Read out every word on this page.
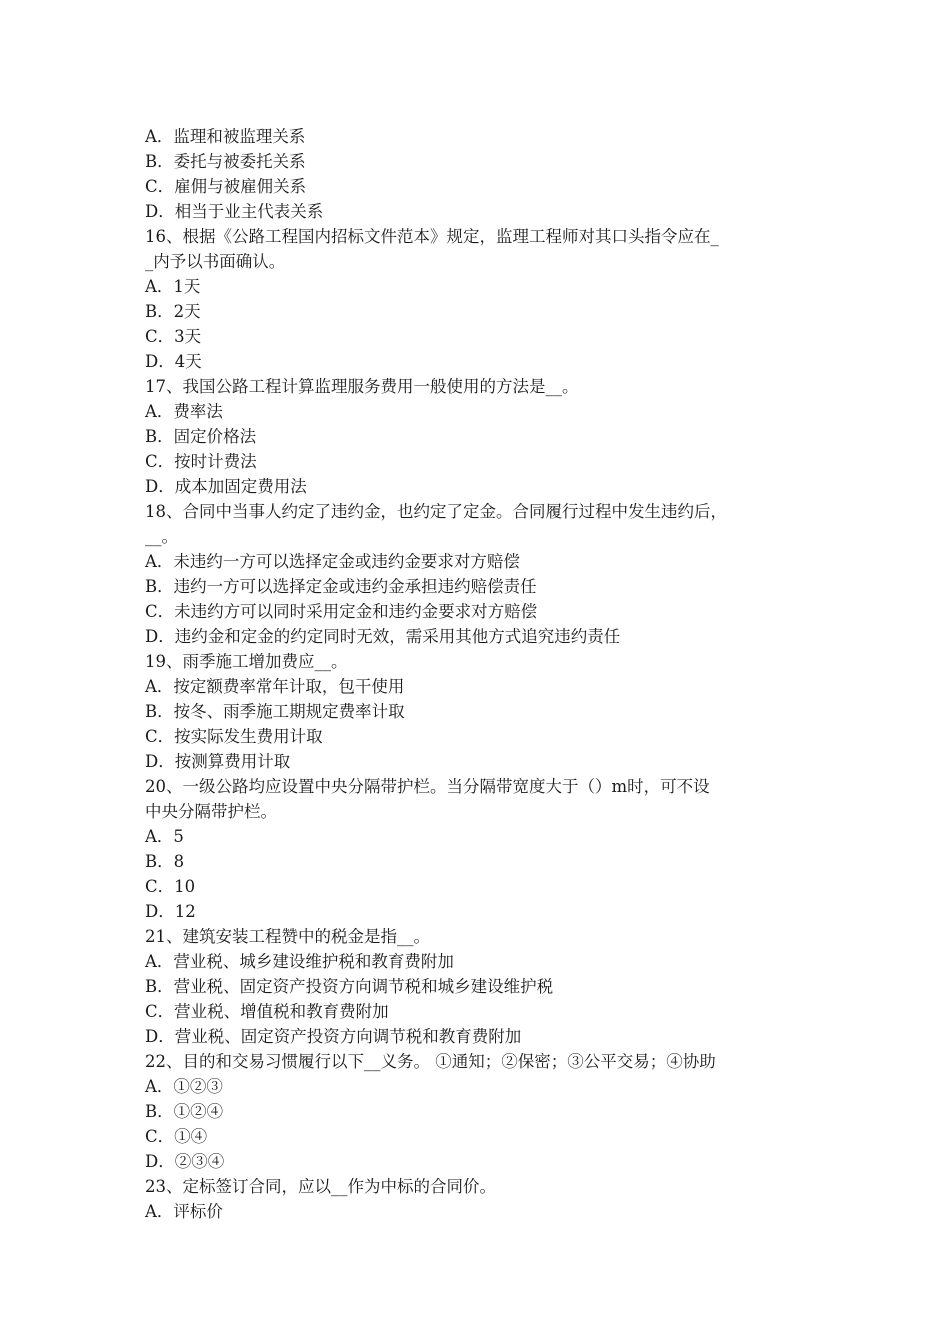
A．监理和被监理关系

B．委托与被委托关系

C．雇佣与被雇佣关系

D．相当于业主代表关系

16、根据《公路工程国内招标文件范本》规定，监理工程师对其口头指令应在_

_内予以书面确认。

A．1天

B．2天

C．3天

D．4天

17、我国公路工程计算监理服务费用一般使用的方法是__。

A．费率法

B．固定价格法

C．按时计费法

D．成本加固定费用法

18、合同中当事人约定了违约金，也约定了定金。合同履行过程中发生违约后，

__。

A．未违约一方可以选择定金或违约金要求对方赔偿

B．违约一方可以选择定金或违约金承担违约赔偿责任

C．未违约方可以同时采用定金和违约金要求对方赔偿

D．违约金和定金的约定同时无效，需采用其他方式追究违约责任

19、雨季施工增加费应__。

A．按定额费率常年计取，包干使用

B．按冬、雨季施工期规定费率计取

C．按实际发生费用计取

D．按测算费用计取

20、一级公路均应设置中央分隔带护栏。当分隔带宽度大于（）m时，可不设

中央分隔带护栏。

A．5

B．8

C．10

D．12

21、建筑安装工程赞中的税金是指__。

A．营业税、城乡建设维护税和教育费附加

B．营业税、固定资产投资方向调节税和城乡建设维护税

C．营业税、增值税和教育费附加

D．营业税、固定资产投资方向调节税和教育费附加

22、目的和交易习惯履行以下__义务。 ①通知；②保密；③公平交易；④协助

A．①②③

B．①②④

C．①④

D．②③④

23、定标签订合同，应以__作为中标的合同价。

A．评标价
